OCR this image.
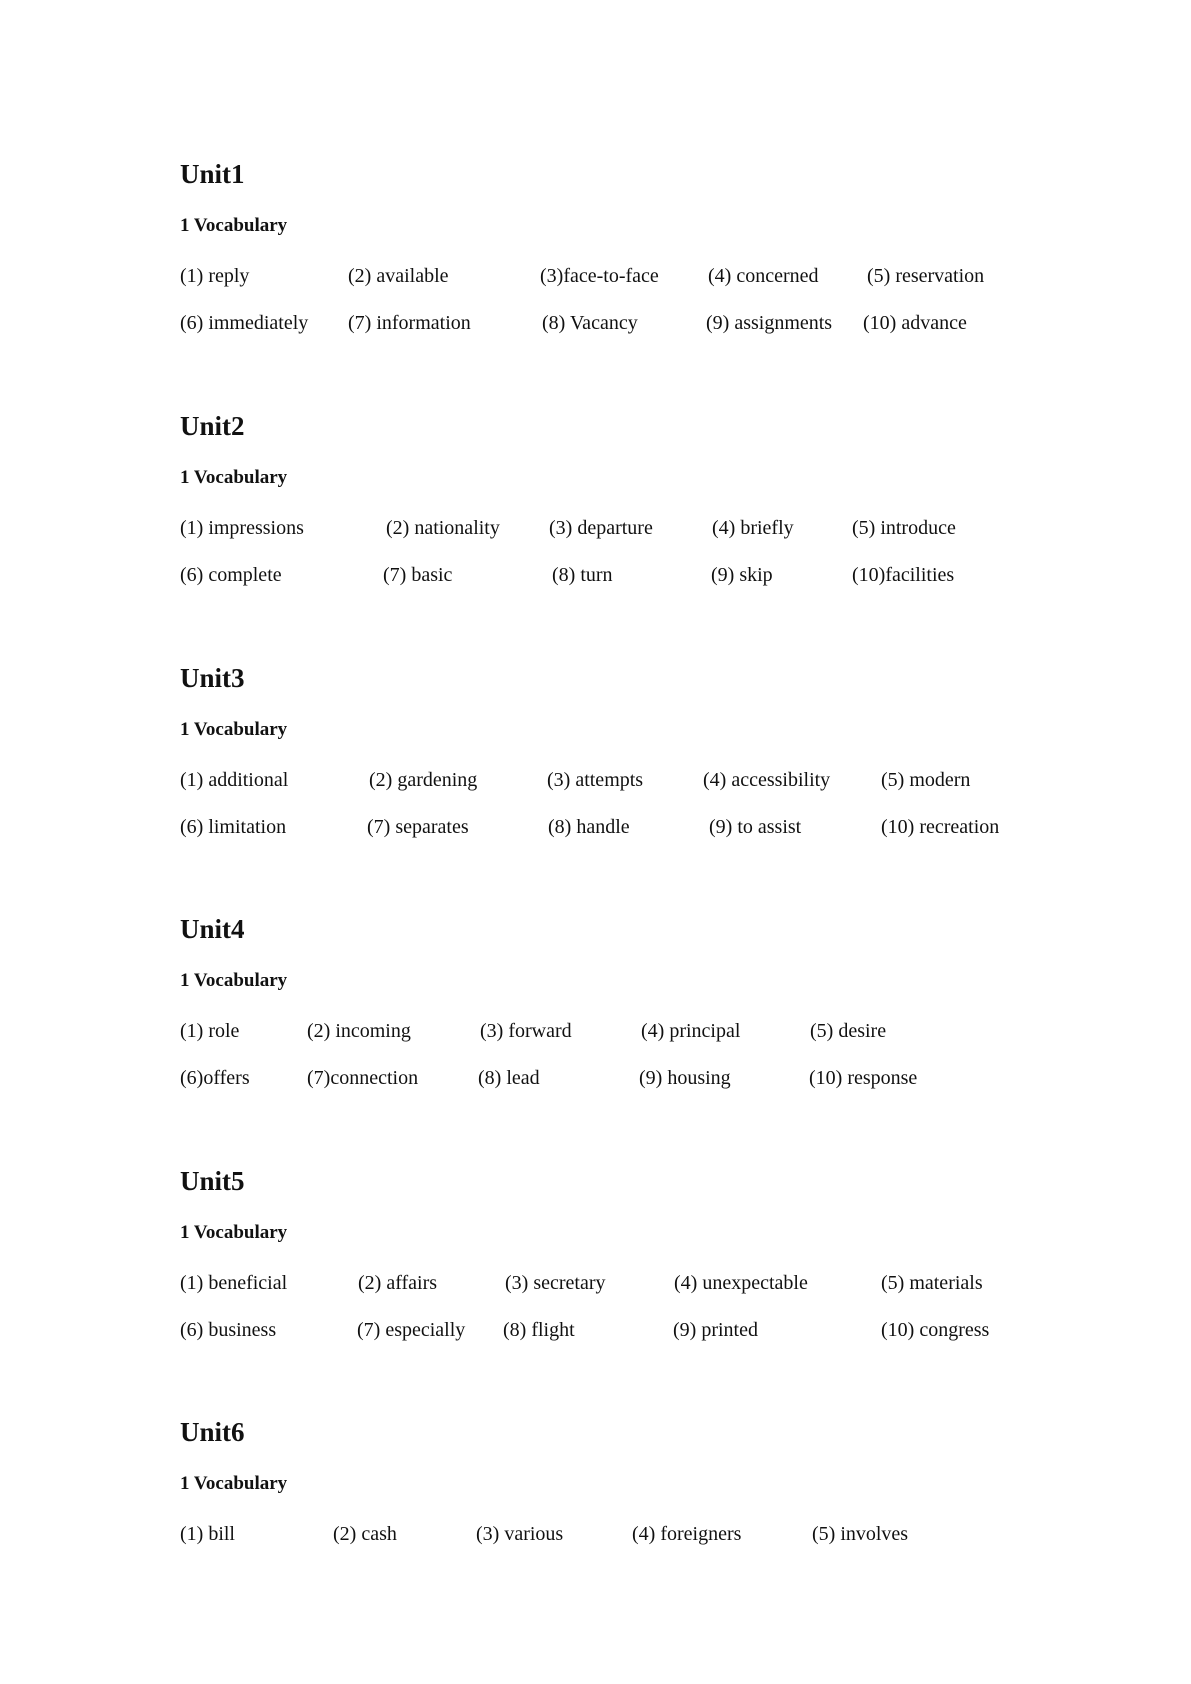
Unit1
1 Vocabulary
(1) reply	(2) available	(3)face-to-face (4) concerned (5) reservation
(6) immediately (7) information	(8) Vacancy	(9) assignments (10) advance
Unit2
1 Vocabulary
(1) impressions	(2) nationality (3) departure	(4) briefly	(5) introduce
(6) complete	(7) basic	(8) turn	(9) skip	(10)facilities
Unit3
1 Vocabulary
(1) additional	(2) gardening	(3) attempts	(4) accessibility	(5) modern
(6) limitation	(7) separates	(8) handle	(9) to assist	(10) recreation
Unit4
1 Vocabulary
(1) role	(2) incoming	(3) forward	(4) principal	(5) desire
(6)offers	(7)connection	(8) lead	(9) housing	(10) response
Unit5
1 Vocabulary
(1) beneficial	(2) affairs	(3) secretary	(4) unexpectable	(5) materials
(6) business	(7) especially (8) flight	(9) printed	(10) congress
Unit6
1 Vocabulary
(1) bill	(2) cash	(3) various	(4) foreigners	(5) involves
